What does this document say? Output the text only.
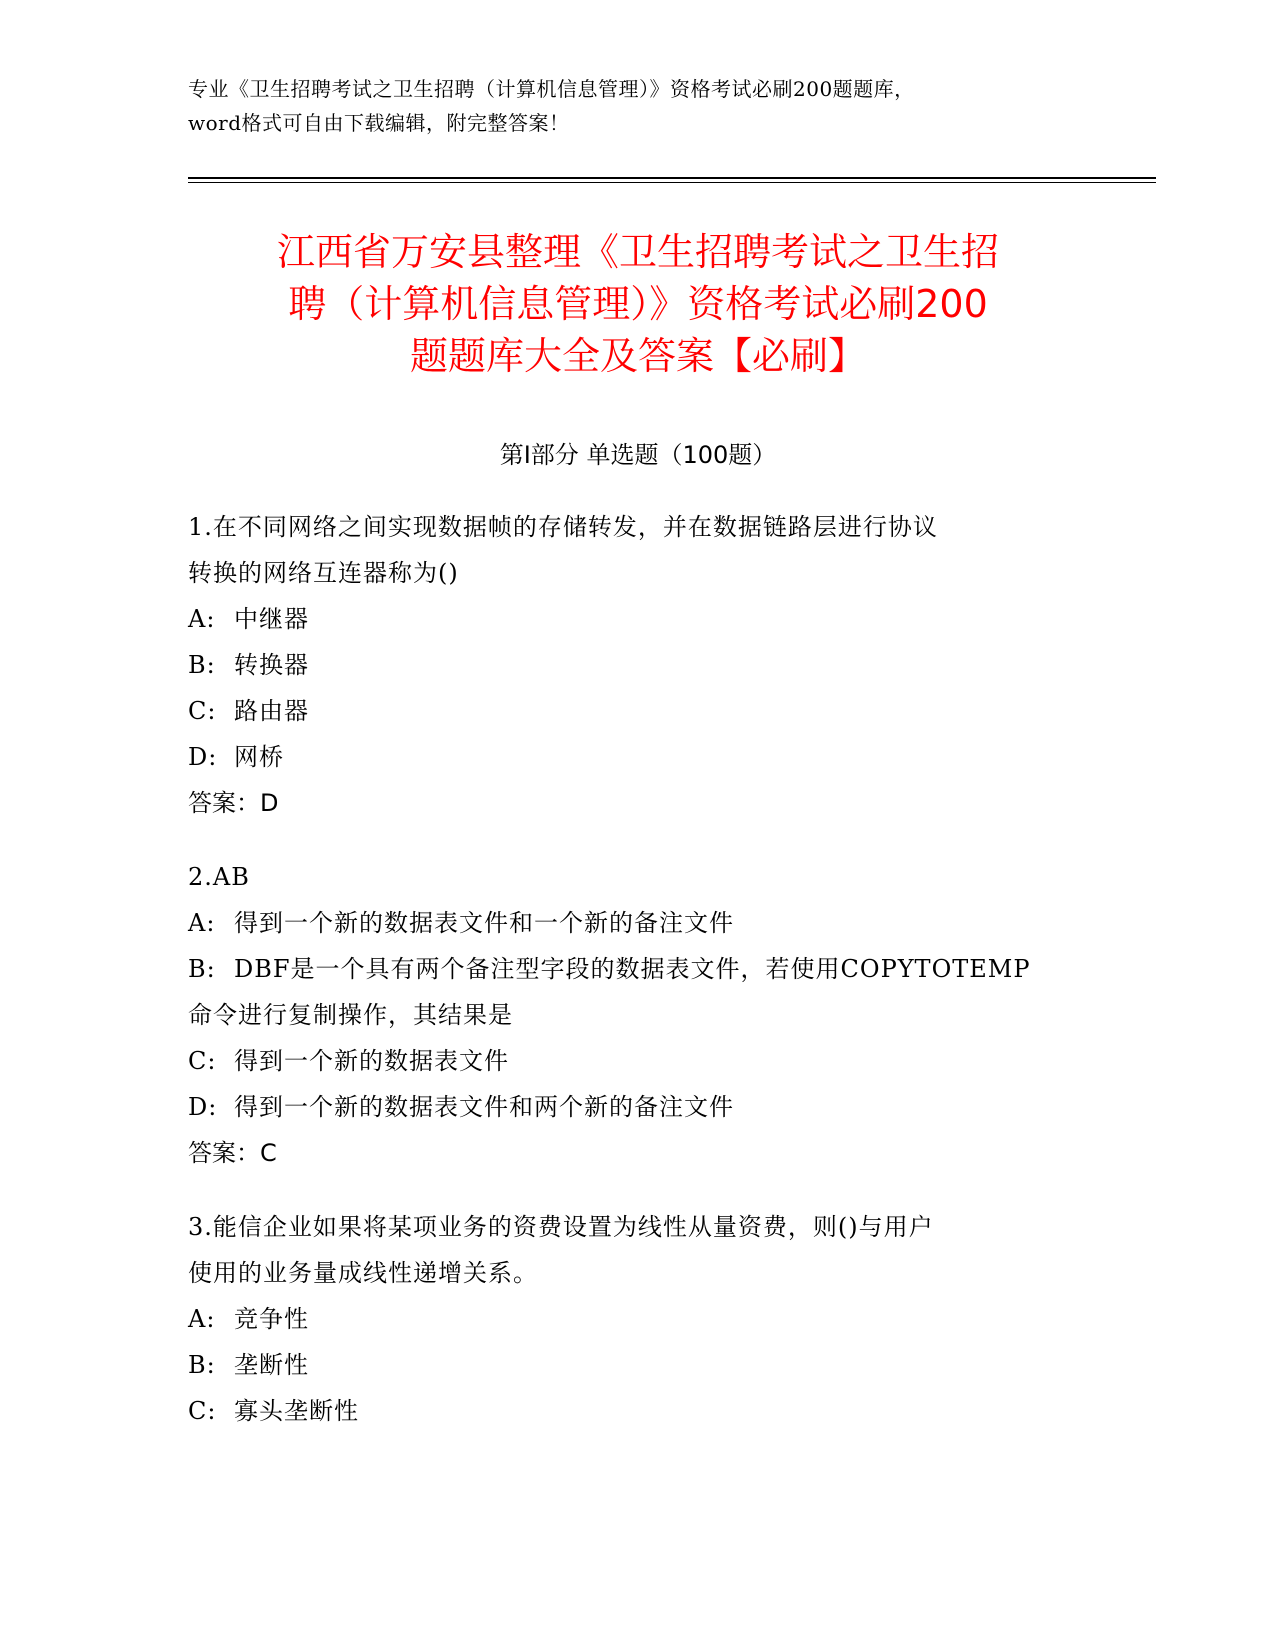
专业《卫生招聘考试之卫生招聘（计算机信息管理）》资格考试必刷200题题库，
word格式可自由下载编辑，附完整答案！
江西省万安县整理《卫生招聘考试之卫生招
聘（计算机信息管理）》资格考试必刷200
题题库大全及答案【必刷】
第Ⅰ部分 单选题（100题）
1.在不同网络之间实现数据帧的存储转发，并在数据链路层进行协议
转换的网络互连器称为()
A: 中继器
B: 转换器
C: 路由器
D: 网桥
答案：D
2.AB
A: 得到一个新的数据表文件和一个新的备注文件
B: DBF是一个具有两个备注型字段的数据表文件，若使用COPYTOTEMP
命令进行复制操作，其结果是
C: 得到一个新的数据表文件
D: 得到一个新的数据表文件和两个新的备注文件
答案：C
3.能信企业如果将某项业务的资费设置为线性从量资费，则()与用户
使用的业务量成线性递增关系。
A: 竞争性
B: 垄断性
C: 寡头垄断性
